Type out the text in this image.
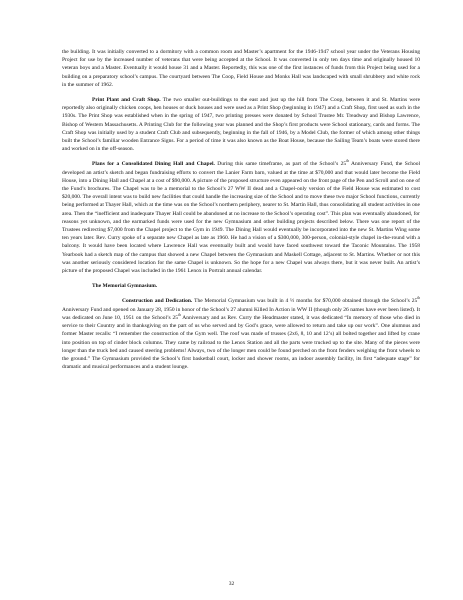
the building. It was initially converted to a dormitory with a common room and Master’s apartment for the 1946-1947 school year under the Veterans Housing Project for use by the increased number of veterans that were being accepted at the School. It was converted in only ten days time and originally housed 10 veteran boys and a Master. Eventually it would house 31 and a Master. Reportedly, this was one of the first instances of funds from this Project being used for a building on a preparatory school’s campus. The courtyard between The Coop, Field House and Monks Hall was landscaped with small shrubbery and white rock in the summer of 1962.

Print Plant and Craft Shop. The two smaller out-buildings to the east and just up the hill from The Coop, between it and St. Martins were reportedly also originally chicken coops, hen houses or duck houses and were used as a Print Shop (beginning in 1947) and a Craft Shop, first used as such in the 1930s. The Print Shop was established when in the spring of 1947, two printing presses were donated by School Trustee Mr. Treadway and Bishop Lawrence, Bishop of Western Massachusetts. A Printing Club for the following year was planned and the Shop’s first products were School stationary, cards and forms. The Craft Shop was initially used by a student Craft Club and subsequently, beginning in the fall of 1946, by a Model Club, the former of which among other things built the School’s familiar wooden Entrance Signs. For a period of time it was also known as the Boat House, because the Sailing Team’s boats were stored there and worked on in the off-season.

Plans for a Consolidated Dining Hall and Chapel. During this same timeframe, as part of the School’s 25th Anniversary Fund, the School developed an artist’s sketch and began fundraising efforts to convert the Lanier Farm barn, valued at the time at $70,000 and that would later become the Field House, into a Dining Hall and Chapel at a cost of $90,000. A picture of the proposed structure even appeared on the front page of the Pen and Scroll and on one of the Fund’s brochures. The Chapel was to be a memorial to the School’s 27 WW II dead and a Chapel-only version of the Field House was estimated to cost $20,000. The overall intent was to build new facilities that could handle the increasing size of the School and to move these two major School functions, currently being performed at Thayer Hall, which at the time was on the School’s northern periphery, nearer to St. Martin Hall, thus consolidating all student activities in one area. Then the “inefficient and inadequate Thayer Hall could be abandoned at no increase to the School’s operating cost”. This plan was eventually abandoned, for reasons yet unknown, and the earmarked funds were used for the new Gymnasium and other building projects described below. There was one report of the Trustees redirecting $7,000 from the Chapel project to the Gym in 1949. The Dining Hall would eventually be incorporated into the new St. Martins Wing some ten years later. Rev. Curry spoke of a separate new Chapel as late as 1960. He had a vision of a $300,000, 300-person, colonial-style chapel in-the-round with a balcony. It would have been located where Lawrence Hall was eventually built and would have faced southwest toward the Taconic Mountains. The 1958 Yearbook had a sketch map of the campus that showed a new Chapel between the Gymnasium and Maskell Cottage, adjacent to St. Martins. Whether or not this was another seriously considered location for the same Chapel is unknown. So the hope for a new Chapel was always there, but it was never built. An artist’s picture of the proposed Chapel was included in the 1961 Lenox in Portrait annual calendar.

The Memorial Gymnasium.

Construction and Dedication. The Memorial Gymnasium was built in 4 ½ months for $70,000 obtained through the School’s 25th Anniversary Fund and opened on January 28, 1950 in honor of the School’s 27 alumni Killed In Action in WW II (though only 26 names have ever been listed). It was dedicated on June 10, 1951 on the School’s 25th Anniversary and as Rev. Curry the Headmaster stated, it was dedicated “In memory of those who died in service to their Country and in thanksgiving on the part of us who served and by God’s grace, were allowed to return and take up our work”. One alumnus and former Master recalls: “I remember the construction of the Gym well. The roof was made of trusses (2x6, 8, 10 and 12’s) all bolted together and lifted by crane into position on top of cinder block columns. They came by railroad to the Lenox Station and all the parts were trucked up to the site. Many of the pieces were longer than the truck bed and caused steering problems! Always, two of the longer men could be found perched on the front fenders weighing the front wheels to the ground.” The Gymnasium provided the School’s first basketball court, locker and shower rooms, an indoor assembly facility, its first “adequate stage” for dramatic and musical performances and a student lounge.

32
